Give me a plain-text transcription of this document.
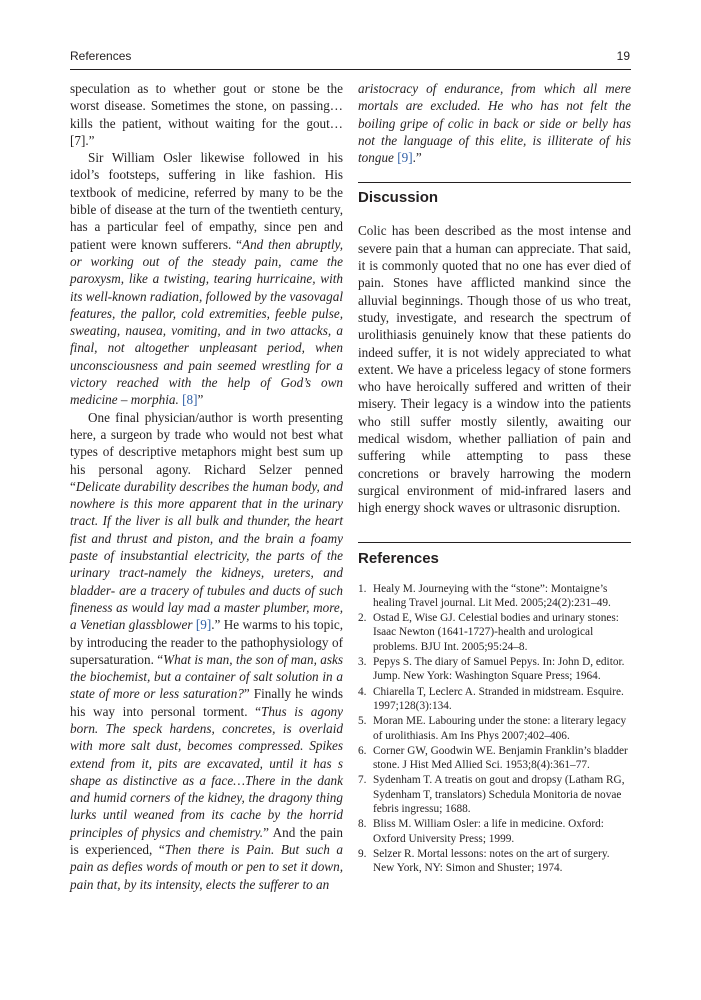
References	19

speculation as to whether gout or stone be the worst disease. Sometimes the stone, on passing…kills the patient, without waiting for the gout… [7].”

Sir William Osler likewise followed in his idol’s footsteps, suffering in like fashion. His textbook of medicine, referred by many to be the bible of disease at the turn of the twentieth century, has a particular feel of empathy, since pen and patient were known sufferers. “And then abruptly, or working out of the steady pain, came the paroxysm, like a twisting, tearing hurricaine, with its well-known radiation, followed by the vasovagal features, the pallor, cold extremities, feeble pulse, sweating, nausea, vomiting, and in two attacks, a final, not altogether unpleasant period, when unconsciousness and pain seemed wrestling for a victory reached with the help of God’s own medicine – morphia. [8]”

One final physician/author is worth presenting here, a surgeon by trade who would not best what types of descriptive metaphors might best sum up his personal agony. Richard Selzer penned “Delicate durability describes the human body, and nowhere is this more apparent that in the urinary tract. If the liver is all bulk and thunder, the heart fist and thrust and piston, and the brain a foamy paste of insubstantial electricity, the parts of the urinary tract-namely the kidneys, ureters, and bladder- are a tracery of tubules and ducts of such fineness as would lay mad a master plumber, more, a Venetian glassblower [9].” He warms to his topic, by introducing the reader to the pathophysiology of supersaturation. “What is man, the son of man, asks the biochemist, but a container of salt solution in a state of more or less saturation?” Finally he winds his way into personal torment. “Thus is agony born. The speck hardens, concretes, is overlaid with more salt dust, becomes compressed. Spikes extend from it, pits are excavated, until it has s shape as distinctive as a face…There in the dank and humid corners of the kidney, the dragony thing lurks until weaned from its cache by the horrid principles of physics and chemistry.” And the pain is experienced, “Then there is Pain. But such a pain as defies words of mouth or pen to set it down, pain that, by its intensity, elects the sufferer to an

aristocracy of endurance, from which all mere mortals are excluded. He who has not felt the boiling gripe of colic in back or side or belly has not the language of this elite, is illiterate of his tongue [9].”

Discussion

Colic has been described as the most intense and severe pain that a human can appreciate. That said, it is commonly quoted that no one has ever died of pain. Stones have afflicted mankind since the alluvial beginnings. Though those of us who treat, study, investigate, and research the spectrum of urolithiasis genuinely know that these patients do indeed suffer, it is not widely appreciated to what extent. We have a priceless legacy of stone formers who have heroically suffered and written of their misery. Their legacy is a window into the patients who still suffer mostly silently, awaiting our medical wisdom, whether palliation of pain and suffering while attempting to pass these concretions or bravely harrowing the modern surgical environment of mid-infrared lasers and high energy shock waves or ultrasonic disruption.

References
1. Healy M. Journeying with the “stone”: Montaigne’s healing Travel journal. Lit Med. 2005;24(2):231–49.
2. Ostad E, Wise GJ. Celestial bodies and urinary stones: Isaac Newton (1641-1727)-health and urological problems. BJU Int. 2005;95:24–8.
3. Pepys S. The diary of Samuel Pepys. In: John D, editor. Jump. New York: Washington Square Press; 1964.
4. Chiarella T, Leclerc A. Stranded in midstream. Esquire. 1997;128(3):134.
5. Moran ME. Labouring under the stone: a literary legacy of urolithiasis. Am Ins Phys 2007;402–406.
6. Corner GW, Goodwin WE. Benjamin Franklin’s bladder stone. J Hist Med Allied Sci. 1953;8(4):361–77.
7. Sydenham T. A treatis on gout and dropsy (Latham RG, Sydenham T, translators) Schedula Monitoria de novae febris ingressu; 1688.
8. Bliss M. William Osler: a life in medicine. Oxford: Oxford University Press; 1999.
9. Selzer R. Mortal lessons: notes on the art of surgery. New York, NY: Simon and Shuster; 1974.
